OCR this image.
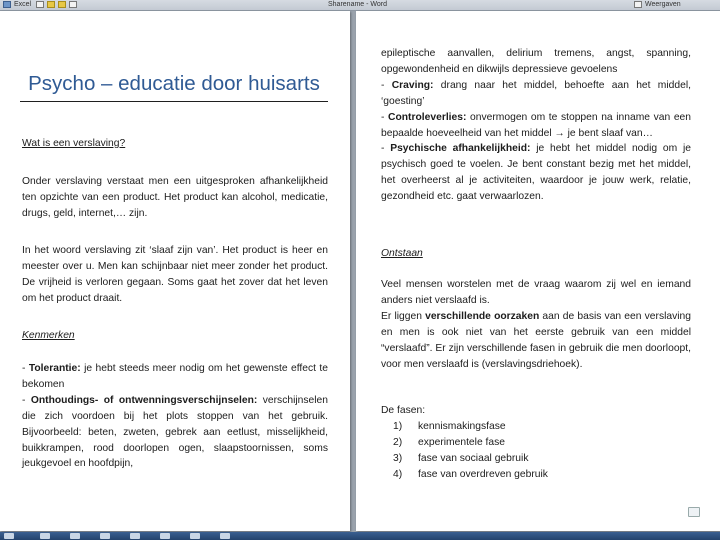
Excel	Sharename - Word	Weergaven
Psycho – educatie door huisarts

Wat is een verslaving?

Onder verslaving verstaat men een uitgesproken afhankelijkheid ten opzichte van een product. Het product kan alcohol, medicatie, drugs, geld, internet,… zijn.

In het woord verslaving zit ‘slaaf zijn van’. Het product is heer en meester over u. Men kan schijnbaar niet meer zonder het product. De vrijheid is verloren gegaan. Soms gaat het zover dat het leven om het product draait.

Kenmerken

- Tolerantie: je hebt steeds meer nodig om het gewenste effect te bekomen

- Onthoudings- of ontwenningsverschijnselen: verschijnselen die zich voordoen bij het plots stoppen van het gebruik. Bijvoorbeeld: beten, zweten, gebrek aan eetlust, misselijkheid, buikkrampen, rood doorlopen ogen, slaapstoornissen, soms jeukgevoel en hoofdpijn,

epileptische aanvallen, delirium tremens, angst, spanning, opgewondenheid en dikwijls depressieve gevoelens

- Craving: drang naar het middel, behoefte aan het middel, ‘goesting’

- Controleverlies: onvermogen om te stoppen na inname van een bepaalde hoeveelheid van het middel → je bent slaaf van…

- Psychische afhankelijkheid: je hebt het middel nodig om je psychisch goed te voelen. Je bent constant bezig met het middel, het overheerst al je activiteiten, waardoor je jouw werk, relatie, gezondheid etc. gaat verwaarlozen.

Ontstaan

Veel mensen worstelen met de vraag waarom zij wel en iemand anders niet verslaafd is.

Er liggen verschillende oorzaken aan de basis van een verslaving en men is ook niet van het eerste gebruik van een middel “verslaafd”. Er zijn verschillende fasen in gebruik die men doorloopt, voor men verslaafd is (verslavingsdriehoek).

De fasen:

1) kennismakingsfase
2) experimentele fase
3) fase van sociaal gebruik
4) fase van overdreven gebruik
